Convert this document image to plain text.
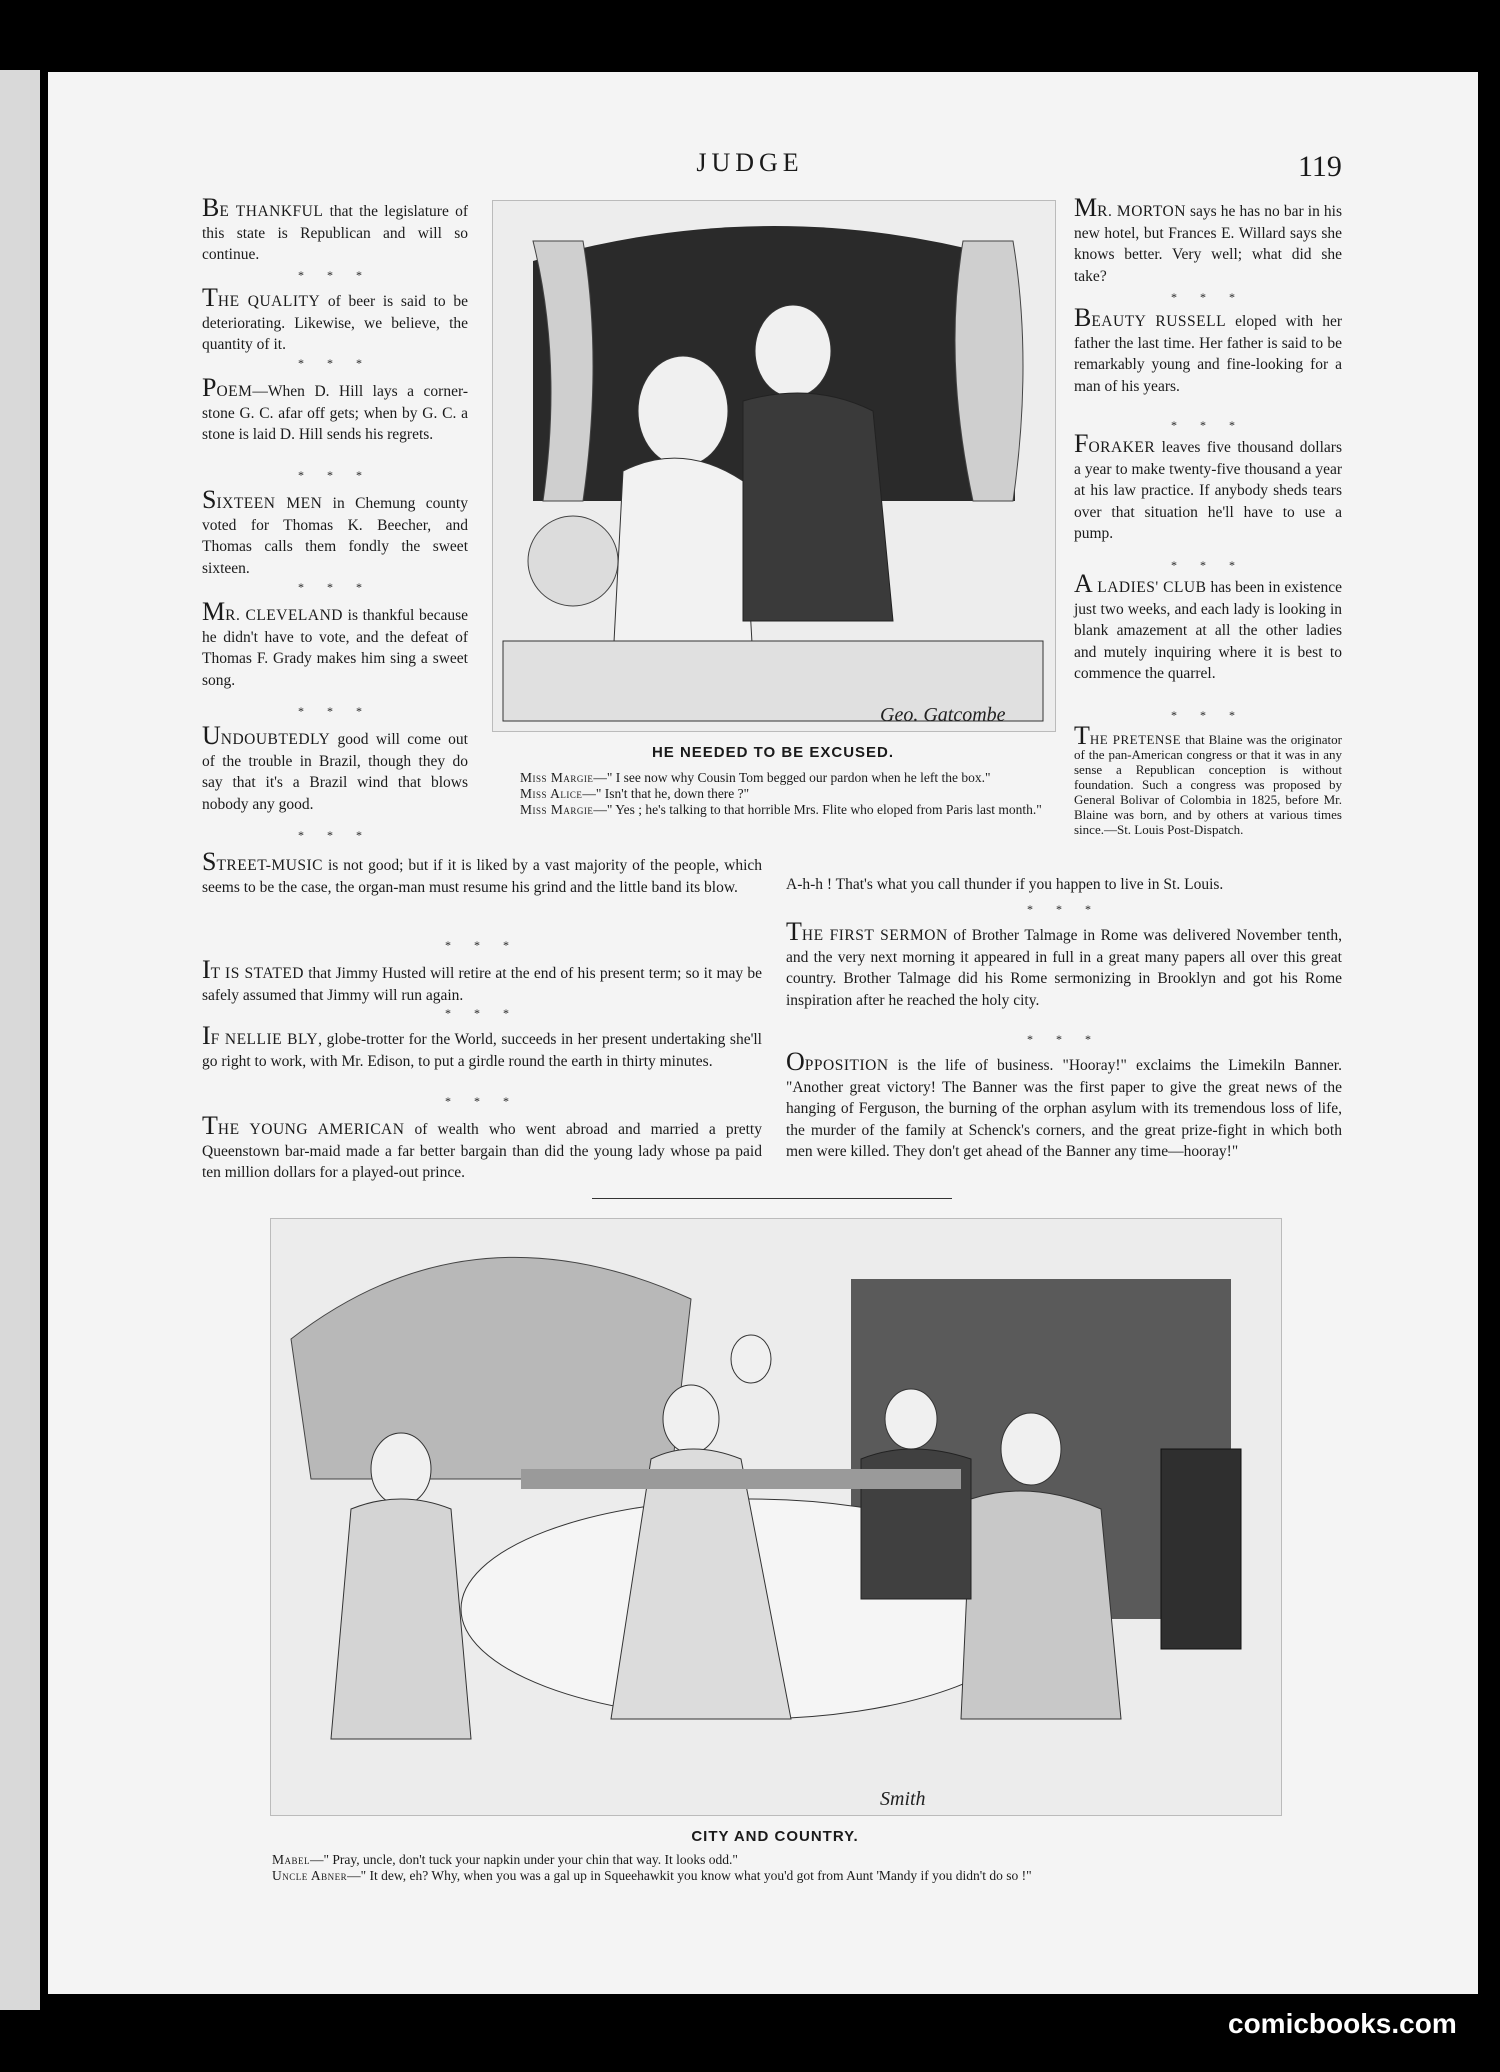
JUDGE	119

BE THANKFUL that the legislature of this state is Republican and will so continue.

* * *

THE QUALITY of beer is said to be deteriorating. Likewise, we believe, the quantity of it.

* * *

POEM—When D. Hill lays a corner-stone G. C. afar off gets; when by G. C. a stone is laid D. Hill sends his regrets.

* * *

SIXTEEN MEN in Chemung county voted for Thomas K. Beecher, and Thomas calls them fondly the sweet sixteen.

* * *

MR. CLEVELAND is thankful because he didn't have to vote, and the defeat of Thomas F. Grady makes him sing a sweet song.

* * *

UNDOUBTEDLY good will come out of the trouble in Brazil, though they do say that it's a Brazil wind that blows nobody any good.

* * *
Geo. Gatcombe
HE NEEDED TO BE EXCUSED.
Miss Margie—" I see now why Cousin Tom begged our pardon when he left the box."
Miss Alice—" Isn't that he, down there ?"
Miss Margie—" Yes ; he's talking to that horrible Mrs. Flite who eloped from Paris last month."

MR. MORTON says he has no bar in his new hotel, but Frances E. Willard says she knows better. Very well; what did she take?

* * *

BEAUTY RUSSELL eloped with her father the last time. Her father is said to be remarkably young and fine-looking for a man of his years.

* * *

FORAKER leaves five thousand dollars a year to make twenty-five thousand a year at his law practice. If anybody sheds tears over that situation he'll have to use a pump.

* * *

A LADIES' CLUB has been in existence just two weeks, and each lady is looking in blank amazement at all the other ladies and mutely inquiring where it is best to commence the quarrel.

* * *

THE PRETENSE that Blaine was the originator of the pan-American congress or that it was in any sense a Republican conception is without foundation. Such a congress was proposed by General Bolivar of Colombia in 1825, before Mr. Blaine was born, and by others at various times since.—St. Louis Post-Dispatch.

STREET-MUSIC is not good; but if it is liked by a vast majority of the people, which seems to be the case, the organ-man must resume his grind and the little band its blow.

* * *

IT IS STATED that Jimmy Husted will retire at the end of his present term; so it may be safely assumed that Jimmy will run again.

* * *

IF NELLIE BLY, globe-trotter for the World, succeeds in her present undertaking she'll go right to work, with Mr. Edison, to put a girdle round the earth in thirty minutes.

* * *

THE YOUNG AMERICAN of wealth who went abroad and married a pretty Queenstown bar-maid made a far better bargain than did the young lady whose pa paid ten million dollars for a played-out prince.

A-h-h ! That's what you call thunder if you happen to live in St. Louis.

* * *

THE FIRST SERMON of Brother Talmage in Rome was delivered November tenth, and the very next morning it appeared in full in a great many papers all over this great country. Brother Talmage did his Rome sermonizing in Brooklyn and got his Rome inspiration after he reached the holy city.

* * *

OPPOSITION is the life of business. "Hooray!" exclaims the Limekiln Banner. "Another great victory! The Banner was the first paper to give the great news of the hanging of Ferguson, the burning of the orphan asylum with its tremendous loss of life, the murder of the family at Schenck's corners, and the great prize-fight in which both men were killed. They don't get ahead of the Banner any time—hooray!"

Smith
CITY AND COUNTRY.
Mabel—" Pray, uncle, don't tuck your napkin under your chin that way. It looks odd."
Uncle Abner—" It dew, eh? Why, when you was a gal up in Squeehawkit you know what you'd got from Aunt 'Mandy if you didn't do so !"
comicbooks.com
